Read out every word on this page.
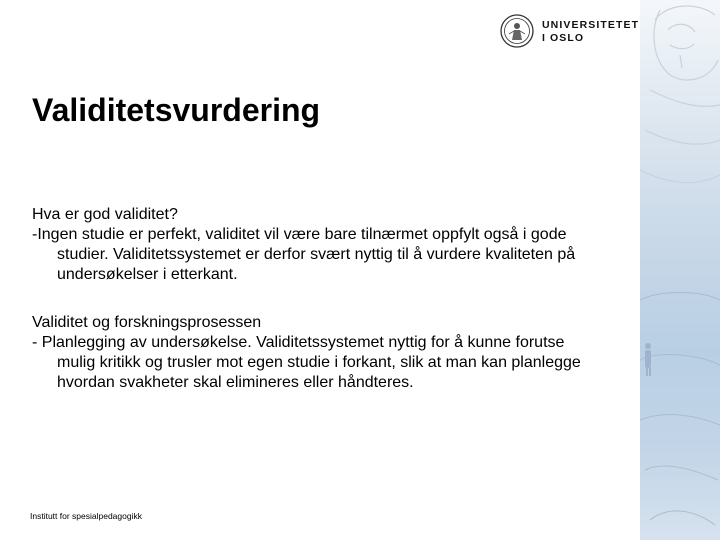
UNIVERSITETET
I OSLO
Validitetsvurdering
Hva er god validitet?
-Ingen studie er perfekt, validitet vil være bare tilnærmet oppfylt også i gode studier. Validitetssystemet er derfor svært nyttig til å vurdere kvaliteten på undersøkelser i etterkant.
Validitet og forskningsprosessen
- Planlegging av undersøkelse. Validitetssystemet nyttig for å kunne forutse mulig kritikk og trusler mot egen studie i forkant, slik at man kan planlegge hvordan svakheter skal elimineres eller håndteres.
Institutt for spesialpedagogikk
